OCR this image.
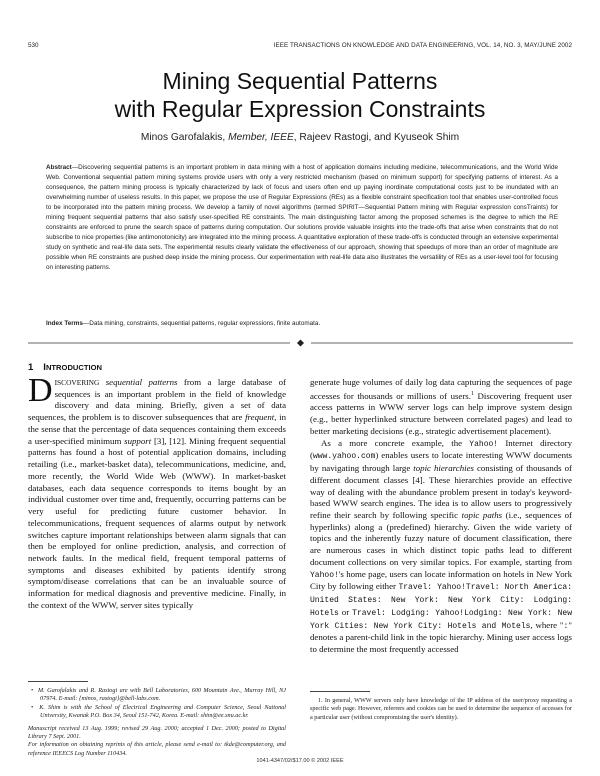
530	IEEE TRANSACTIONS ON KNOWLEDGE AND DATA ENGINEERING, VOL. 14, NO. 3, MAY/JUNE 2002
Mining Sequential Patterns
with Regular Expression Constraints
Minos Garofalakis, Member, IEEE, Rajeev Rastogi, and Kyuseok Shim
Abstract—Discovering sequential patterns is an important problem in data mining with a host of application domains including medicine, telecommunications, and the World Wide Web. Conventional sequential pattern mining systems provide users with only a very restricted mechanism (based on minimum support) for specifying patterns of interest. As a consequence, the pattern mining process is typically characterized by lack of focus and users often end up paying inordinate computational costs just to be inundated with an overwhelming number of useless results. In this paper, we propose the use of Regular Expressions (REs) as a flexible constraint specification tool that enables user-controlled focus to be incorporated into the pattern mining process. We develop a family of novel algorithms (termed SPIRIT—Sequential Pattern mining with Regular expressIon consTraints) for mining frequent sequential patterns that also satisfy user-specified RE constraints. The main distinguishing factor among the proposed schemes is the degree to which the RE constraints are enforced to prune the search space of patterns during computation. Our solutions provide valuable insights into the trade-offs that arise when constraints that do not subscribe to nice properties (like antimonotonicity) are integrated into the mining process. A quantitative exploration of these trade-offs is conducted through an extensive experimental study on synthetic and real-life data sets. The experimental results clearly validate the effectiveness of our approach, showing that speedups of more than an order of magnitude are possible when RE constraints are pushed deep inside the mining process. Our experimentation with real-life data also illustrates the versatility of REs as a user-level tool for focusing on interesting patterns.
Index Terms—Data mining, constraints, sequential patterns, regular expressions, finite automata.
1 INTRODUCTION

DISCOVERING sequential patterns from a large database of sequences is an important problem in the field of knowledge discovery and data mining. Briefly, given a set of data sequences, the problem is to discover subsequences that are frequent, in the sense that the percentage of data sequences containing them exceeds a user-specified minimum support [3], [12]. Mining frequent sequential patterns has found a host of potential application domains, including retailing (i.e., market-basket data), telecommunications, medicine, and, more recently, the World Wide Web (WWW). In market-basket databases, each data sequence corresponds to items bought by an individual customer over time and, frequently, occurring patterns can be very useful for predicting future customer behavior. In telecommunications, frequent sequences of alarms output by network switches capture important relationships between alarm signals that can then be employed for online prediction, analysis, and correction of network faults. In the medical field, frequent temporal patterns of symptoms and diseases exhibited by patients identify strong symptom/disease correlations that can be an invaluable source of information for medical diagnosis and preventive medicine. Finally, in the context of the WWW, server sites typically

generate huge volumes of daily log data capturing the sequences of page accesses for thousands or millions of users.$^1$ Discovering frequent user access patterns in WWW server logs can help improve system design (e.g., better hyperlinked structure between correlated pages) and lead to better marketing decisions (e.g., strategic advertisement placement).

As a more concrete example, the Yahoo! Internet directory (www.yahoo.com) enables users to locate interesting WWW documents by navigating through large topic hierarchies consisting of thousands of different document classes [4]. These hierarchies provide an effective way of dealing with the abundance problem present in today's keyword-based WWW search engines. The idea is to allow users to progressively refine their search by following specific topic paths (i.e., sequences of hyperlinks) along a (predefined) hierarchy. Given the wide variety of topics and the inherently fuzzy nature of document classification, there are numerous cases in which distinct topic paths lead to different document collections on very similar topics. For example, starting from Yahoo!'s home page, users can locate information on hotels in New York City by following either Travel: Yahoo!Travel: North America: United States: New York: New York City: Lodging: Hotels or Travel: Lodging: Yahoo!Lodging: New York: New York Cities: New York City: Hotels and Motels, where ":" denotes a parent-child link in the topic hierarchy. Mining user access logs to determine the most frequently accessed

•  M. Garofalakis and R. Rastogi are with Bell Laboratories, 600 Mountain Ave., Murray Hill, NJ 07974. E-mail: {minos, rastogi}@bell-labs.com.

•  K. Shim is with the School of Electrical Engineering and Computer Science, Seoul National University, Kwanak P.O. Box 34, Seoul 151-742, Korea. E-mail: shim@ee.snu.ac.kr.

Manuscript received 13 Aug. 1999; revised 29 Aug. 2000; accepted 1 Dec. 2000; posted to Digital Library 7 Sept. 2001.

For information on obtaining reprints of this article, please send e-mail to: tkde@computer.org, and reference IEEECS Log Number 110434.

1. In general, WWW servers only have knowledge of the IP address of the user/proxy requesting a specific web page. However, referrers and cookies can be used to determine the sequence of accesses for a particular user (without compromising the user's identity).

1041-4347/02/$17.00 © 2002 IEEE
